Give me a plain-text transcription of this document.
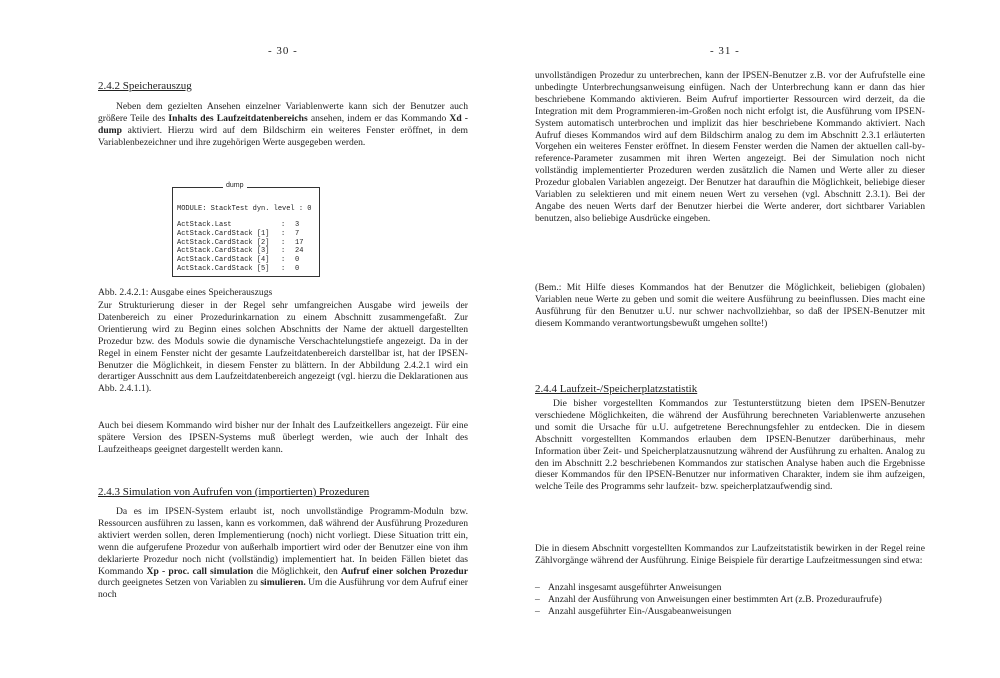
- 30 -
2.4.2 Speicherauszug

Neben dem gezielten Ansehen einzelner Variablenwerte kann sich der Benutzer auch größere Teile des Inhalts des Laufzeitdatenbereichs ansehen, indem er das Kommando Xd - dump aktiviert. Hierzu wird auf dem Bildschirm ein weiteres Fenster eröffnet, in dem Variablenbezeichner und ihre zugehörigen Werte ausgegeben werden.

dump
MODULE: StackTest dyn. level : 0
ActStack.Last	:	3
ActStack.CardStack [1]	:	7
ActStack.CardStack [2]	:	17
ActStack.CardStack [3]	:	24
ActStack.CardStack [4]	:	0
ActStack.CardStack [5]	:	0
Abb. 2.4.2.1: Ausgabe eines Speicherauszugs

Zur Strukturierung dieser in der Regel sehr umfangreichen Ausgabe wird jeweils der Datenbereich zu einer Prozedurinkarnation zu einem Abschnitt zusammengefaßt. Zur Orientierung wird zu Beginn eines solchen Abschnitts der Name der aktuell dargestellten Prozedur bzw. des Moduls sowie die dynamische Verschachtelungstiefe angezeigt. Da in der Regel in einem Fenster nicht der gesamte Laufzeitdatenbereich darstellbar ist, hat der IPSEN-Benutzer die Möglichkeit, in diesem Fenster zu blättern. In der Abbildung 2.4.2.1 wird ein derartiger Ausschnitt aus dem Laufzeitdatenbereich angezeigt (vgl. hierzu die Deklarationen aus Abb. 2.4.1.1).

Auch bei diesem Kommando wird bisher nur der Inhalt des Laufzeitkellers angezeigt. Für eine spätere Version des IPSEN-Systems muß überlegt werden, wie auch der Inhalt des Laufzeitheaps geeignet dargestellt werden kann.

2.4.3 Simulation von Aufrufen von (importierten) Prozeduren

Da es im IPSEN-System erlaubt ist, noch unvollständige Programm-Moduln bzw. Ressourcen ausführen zu lassen, kann es vorkommen, daß während der Ausführung Prozeduren aktiviert werden sollen, deren Implementierung (noch) nicht vorliegt. Diese Situation tritt ein, wenn die aufgerufene Prozedur von außerhalb importiert wird oder der Benutzer eine von ihm deklarierte Prozedur noch nicht (vollständig) implementiert hat. In beiden Fällen bietet das Kommando Xp - proc. call simulation die Möglichkeit, den Aufruf einer solchen Prozedur durch geeignetes Setzen von Variablen zu simulieren. Um die Ausführung vor dem Aufruf einer noch

- 31 -

unvollständigen Prozedur zu unterbrechen, kann der IPSEN-Benutzer z.B. vor der Aufrufstelle eine unbedingte Unterbrechungsanweisung einfügen. Nach der Unterbrechung kann er dann das hier beschriebene Kommando aktivieren. Beim Aufruf importierter Ressourcen wird derzeit, da die Integration mit dem Programmieren-im-Großen noch nicht erfolgt ist, die Ausführung vom IPSEN-System automatisch unterbrochen und implizit das hier beschriebene Kommando aktiviert. Nach Aufruf dieses Kommandos wird auf dem Bildschirm analog zu dem im Abschnitt 2.3.1 erläuterten Vorgehen ein weiteres Fenster eröffnet. In diesem Fenster werden die Namen der aktuellen call-by-reference-Parameter zusammen mit ihren Werten angezeigt. Bei der Simulation noch nicht vollständig implementierter Prozeduren werden zusätzlich die Namen und Werte aller zu dieser Prozedur globalen Variablen angezeigt. Der Benutzer hat daraufhin die Möglichkeit, beliebige dieser Variablen zu selektieren und mit einem neuen Wert zu versehen (vgl. Abschnitt 2.3.1). Bei der Angabe des neuen Werts darf der Benutzer hierbei die Werte anderer, dort sichtbarer Variablen benutzen, also beliebige Ausdrücke eingeben.

(Bem.: Mit Hilfe dieses Kommandos hat der Benutzer die Möglichkeit, beliebigen (globalen) Variablen neue Werte zu geben und somit die weitere Ausführung zu beeinflussen. Dies macht eine Ausführung für den Benutzer u.U. nur schwer nachvollziehbar, so daß der IPSEN-Benutzer mit diesem Kommando verantwortungsbewußt umgehen sollte!)

2.4.4 Laufzeit-/Speicherplatzstatistik

Die bisher vorgestellten Kommandos zur Testunterstützung bieten dem IPSEN-Benutzer verschiedene Möglichkeiten, die während der Ausführung berechneten Variablenwerte anzusehen und somit die Ursache für u.U. aufgetretene Berechnungsfehler zu entdecken. Die in diesem Abschnitt vorgestellten Kommandos erlauben dem IPSEN-Benutzer darüberhinaus, mehr Information über Zeit- und Speicherplatzausnutzung während der Ausführung zu erhalten. Analog zu den im Abschnitt 2.2 beschriebenen Kommandos zur statischen Analyse haben auch die Ergebnisse dieser Kommandos für den IPSEN-Benutzer nur informativen Charakter, indem sie ihm aufzeigen, welche Teile des Programms sehr laufzeit- bzw. speicherplatzaufwendig sind.

Die in diesem Abschnitt vorgestellten Kommandos zur Laufzeitstatistik bewirken in der Regel reine Zählvorgänge während der Ausführung. Einige Beispiele für derartige Laufzeitmessungen sind etwa:

– Anzahl insgesamt ausgeführter Anweisungen
– Anzahl der Ausführung von Anweisungen einer bestimmten Art (z.B. Prozeduraufrufe)
– Anzahl ausgeführter Ein-/Ausgabeanweisungen
